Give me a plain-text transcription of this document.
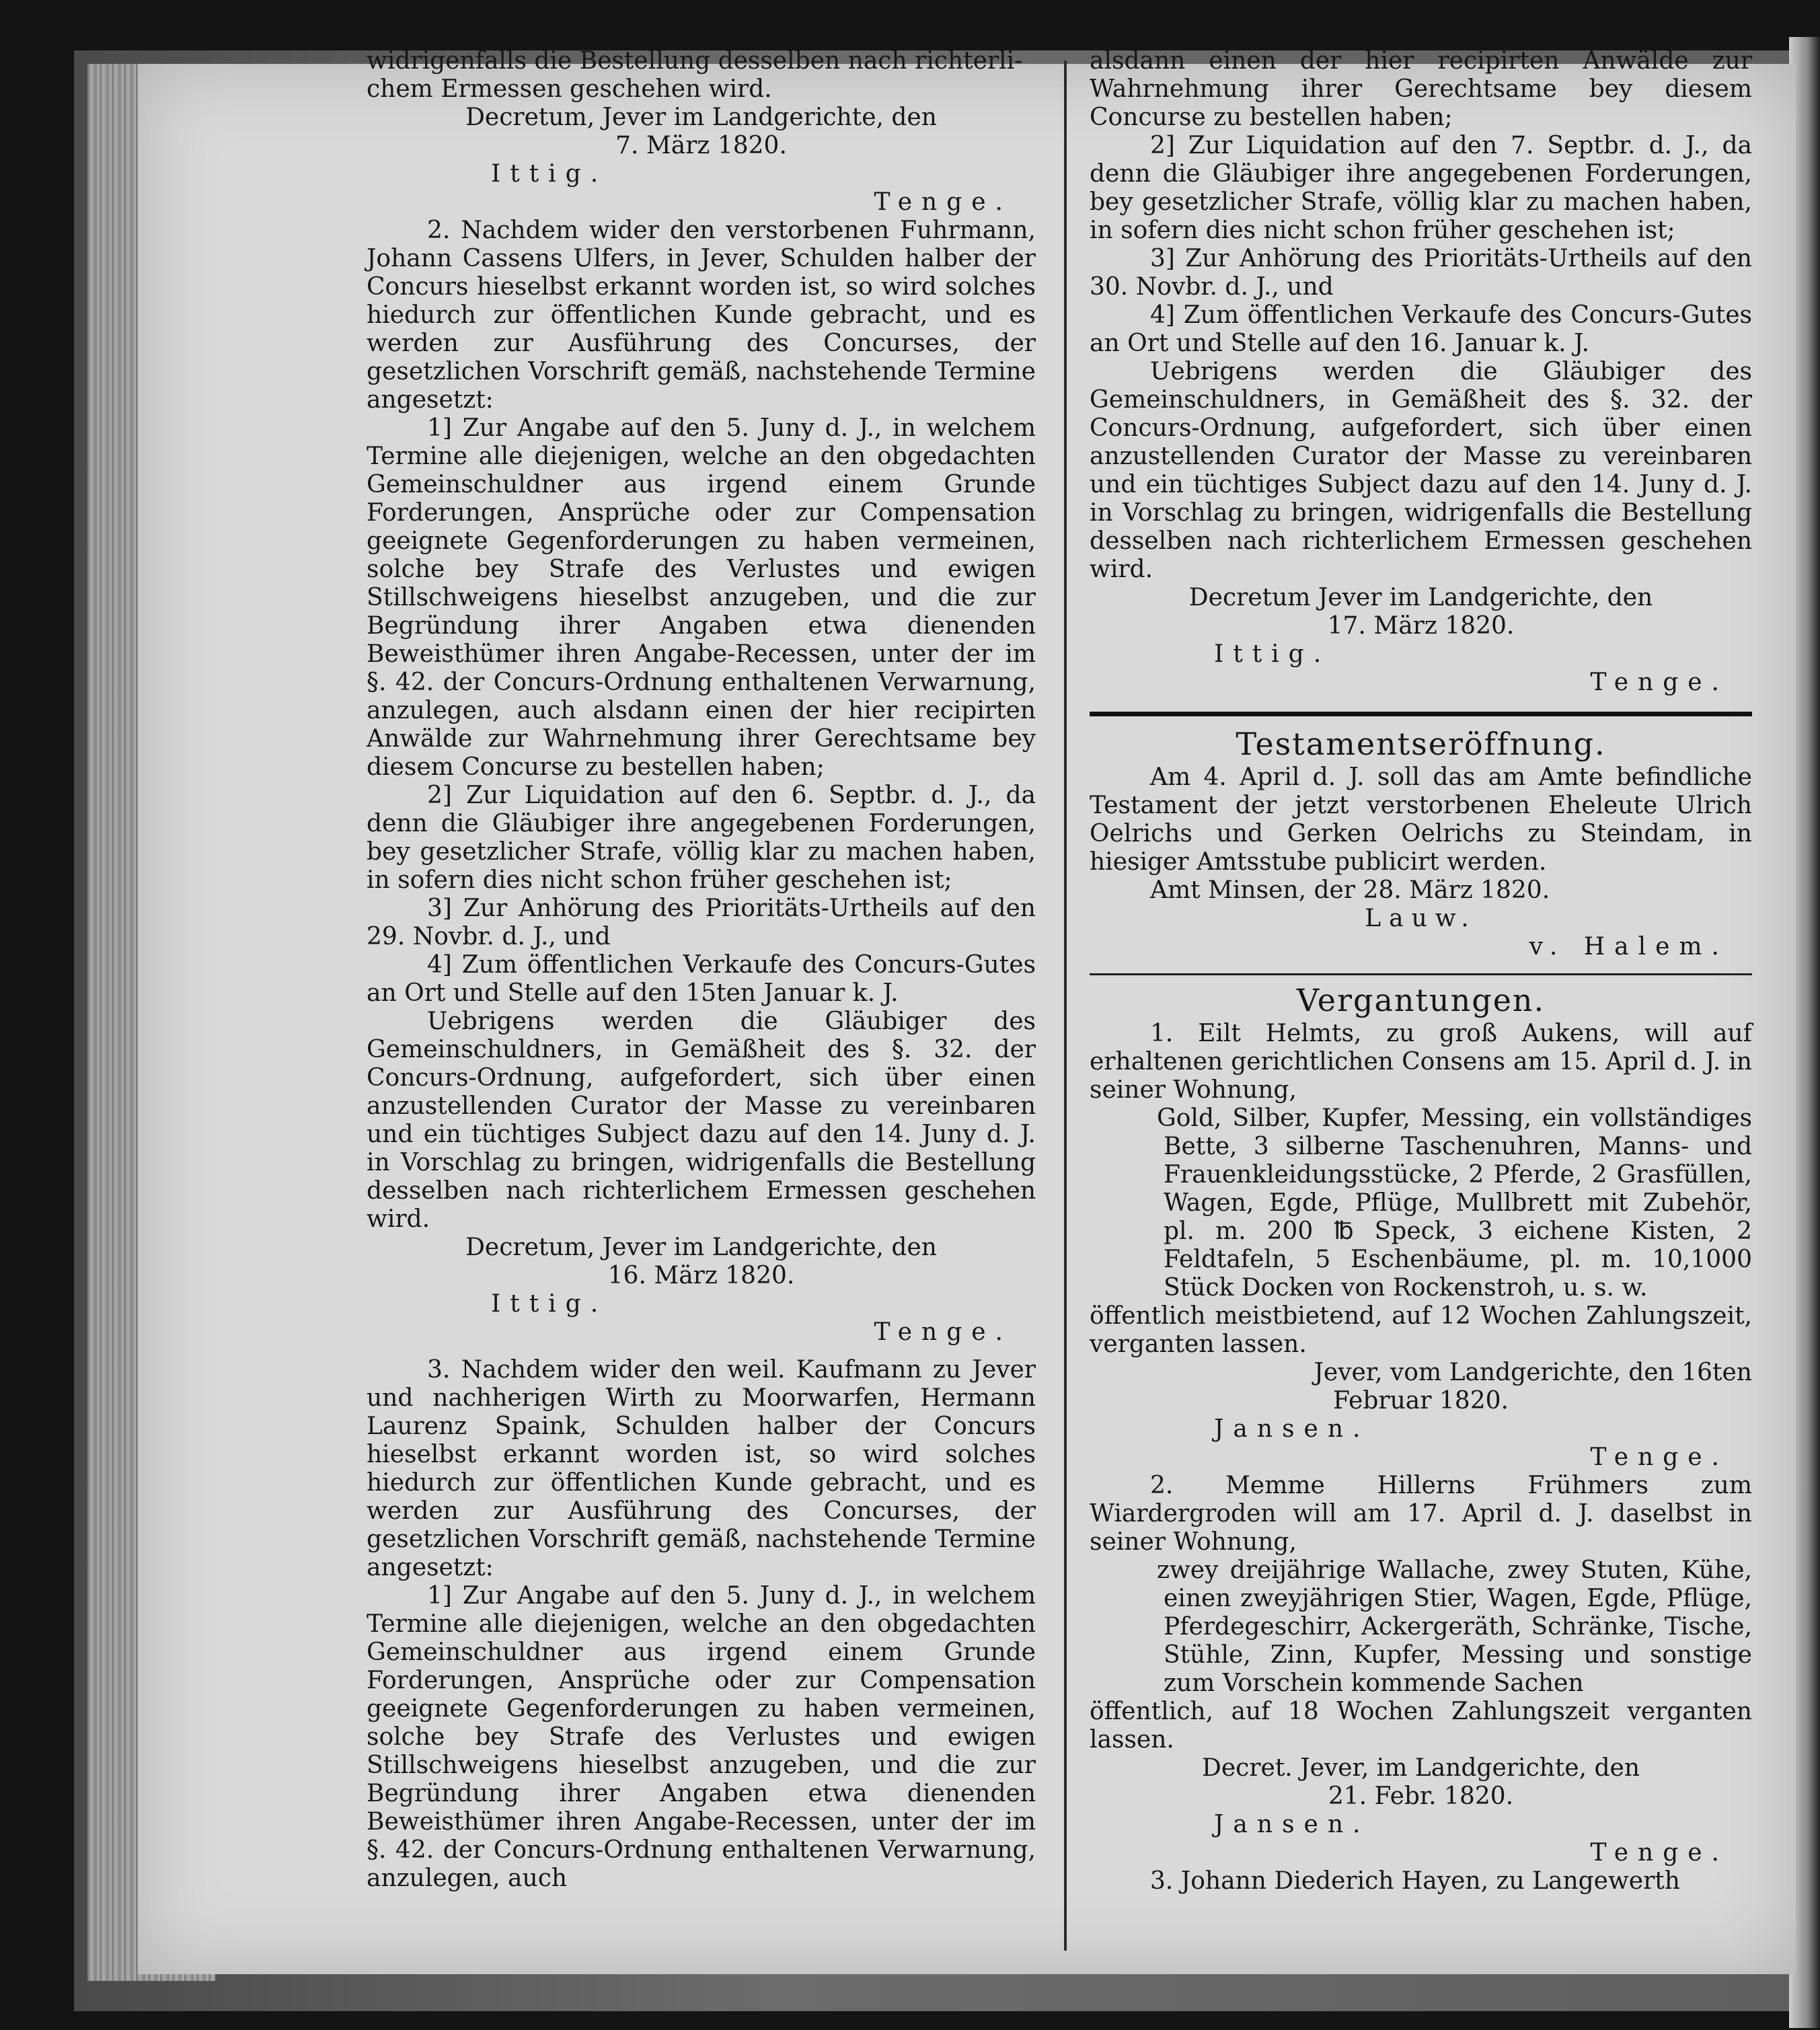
widrigenfalls die Bestellung desselben nach richterli-

chem Ermessen geschehen wird.

Decretum, Jever im Landgerichte, den

7. März 1820.

Ittig.

Tenge.

2. Nachdem wider den verstorbenen Fuhrmann, Johann Cassens Ulfers, in Jever, Schulden halber der Concurs hieselbst erkannt worden ist, so wird solches hiedurch zur öffentlichen Kunde gebracht, und es werden zur Ausführung des Concurses, der gesetzlichen Vorschrift gemäß, nachstehende Termine angesetzt:

1] Zur Angabe auf den 5. Juny d. J., in welchem Termine alle diejenigen, welche an den obgedachten Gemeinschuldner aus irgend einem Grunde Forderungen, Ansprüche oder zur Compensation geeignete Gegenforderungen zu haben vermeinen, solche bey Strafe des Verlustes und ewigen Stillschweigens hieselbst anzugeben, und die zur Begründung ihrer Angaben etwa dienenden Beweisthümer ihren Angabe-Recessen, unter der im §. 42. der Concurs-Ordnung enthaltenen Verwarnung, anzulegen, auch alsdann einen der hier recipirten Anwälde zur Wahrnehmung ihrer Gerechtsame bey diesem Concurse zu bestellen haben;

2] Zur Liquidation auf den 6. Septbr. d. J., da denn die Gläubiger ihre angegebenen Forderungen, bey gesetzlicher Strafe, völlig klar zu machen haben, in sofern dies nicht schon früher geschehen ist;

3] Zur Anhörung des Prioritäts-Urtheils auf den 29. Novbr. d. J., und

4] Zum öffentlichen Verkaufe des Concurs-Gutes an Ort und Stelle auf den 15ten Januar k. J.

Uebrigens werden die Gläubiger des Gemeinschuldners, in Gemäßheit des §. 32. der Concurs-Ordnung, aufgefordert, sich über einen anzustellenden Curator der Masse zu vereinbaren und ein tüchtiges Subject dazu auf den 14. Juny d. J. in Vorschlag zu bringen, widrigenfalls die Bestellung desselben nach richterlichem Ermessen geschehen wird.

Decretum, Jever im Landgerichte, den

16. März 1820.

Ittig.

Tenge.

3. Nachdem wider den weil. Kaufmann zu Jever und nachherigen Wirth zu Moorwarfen, Hermann Laurenz Spaink, Schulden halber der Concurs hieselbst erkannt worden ist, so wird solches hiedurch zur öffentlichen Kunde gebracht, und es werden zur Ausführung des Concurses, der gesetzlichen Vorschrift gemäß, nachstehende Termine angesetzt:

1] Zur Angabe auf den 5. Juny d. J., in welchem Termine alle diejenigen, welche an den obgedachten Gemeinschuldner aus irgend einem Grunde Forderungen, Ansprüche oder zur Compensation geeignete Gegenforderungen zu haben vermeinen, solche bey Strafe des Verlustes und ewigen Stillschweigens hieselbst anzugeben, und die zur Begründung ihrer Angaben etwa dienenden Beweisthümer ihren Angabe-Recessen, unter der im §. 42. der Concurs-Ordnung enthaltenen Verwarnung, anzulegen, auch

alsdann einen der hier recipirten Anwälde zur Wahrnehmung ihrer Gerechtsame bey diesem Concurse zu bestellen haben;

2] Zur Liquidation auf den 7. Septbr. d. J., da denn die Gläubiger ihre angegebenen Forderungen, bey gesetzlicher Strafe, völlig klar zu machen haben, in sofern dies nicht schon früher geschehen ist;

3] Zur Anhörung des Prioritäts-Urtheils auf den 30. Novbr. d. J., und

4] Zum öffentlichen Verkaufe des Concurs-Gutes an Ort und Stelle auf den 16. Januar k. J.

Uebrigens werden die Gläubiger des Gemeinschuldners, in Gemäßheit des §. 32. der Concurs-Ordnung, aufgefordert, sich über einen anzustellenden Curator der Masse zu vereinbaren und ein tüchtiges Subject dazu auf den 14. Juny d. J. in Vorschlag zu bringen, widrigenfalls die Bestellung desselben nach richterlichem Ermessen geschehen wird.

Decretum Jever im Landgerichte, den

17. März 1820.

Ittig.

Tenge.

Testamentseröffnung.

Am 4. April d. J. soll das am Amte befindliche Testament der jetzt verstorbenen Eheleute Ulrich Oelrichs und Gerken Oelrichs zu Steindam, in hiesiger Amtsstube publicirt werden.

Amt Minsen, der 28. März 1820.

Lauw.

v. Halem.

Vergantungen.

1. Eilt Helmts, zu groß Aukens, will auf erhaltenen gerichtlichen Consens am 15. April d. J. in seiner Wohnung,

Gold, Silber, Kupfer, Messing, ein vollständiges Bette, 3 silberne Taschenuhren, Manns- und Frauenkleidungsstücke, 2 Pferde, 2 Grasfüllen, Wagen, Egde, Pflüge, Mullbrett mit Zubehör, pl. m. 200 ℔ Speck, 3 eichene Kisten, 2 Feldtafeln, 5 Eschenbäume, pl. m. 10,1000 Stück Docken von Rockenstroh, u. s. w.

öffentlich meistbietend, auf 12 Wochen Zahlungszeit, verganten lassen.

Jever, vom Landgerichte, den 16ten

Februar 1820.

Jansen.

Tenge.

2. Memme Hillerns Frühmers zum Wiardergroden will am 17. April d. J. daselbst in seiner Wohnung,

zwey dreijährige Wallache, zwey Stuten, Kühe, einen zweyjährigen Stier, Wagen, Egde, Pflüge, Pferdegeschirr, Ackergeräth, Schränke, Tische, Stühle, Zinn, Kupfer, Messing und sonstige zum Vorschein kommende Sachen

öffentlich, auf 18 Wochen Zahlungszeit verganten lassen.

Decret. Jever, im Landgerichte, den

21. Febr. 1820.

Jansen.

Tenge.

3. Johann Diederich Hayen, zu Langewerth
